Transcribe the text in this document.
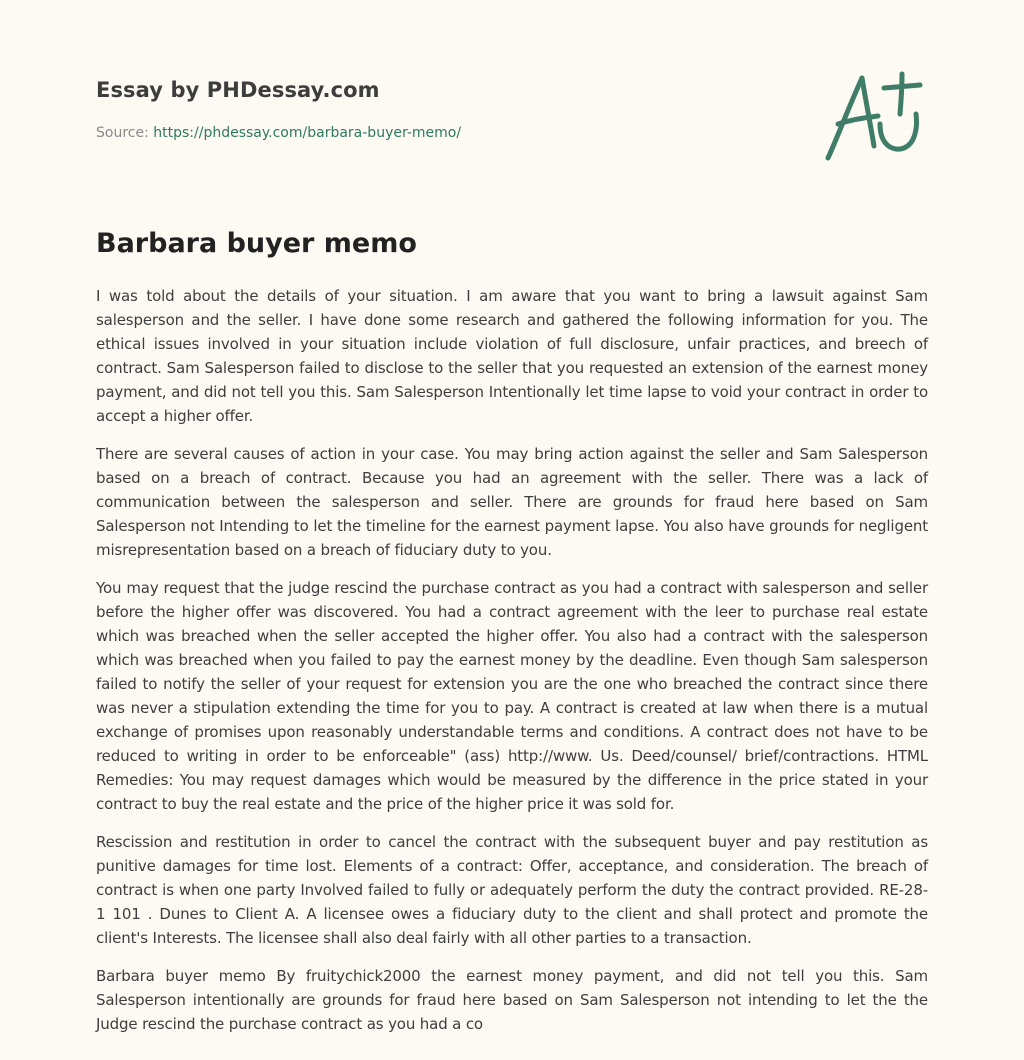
Essay by PHDessay.com
Source: https://phdessay.com/barbara-buyer-memo/
Barbara buyer memo

I was told about the details of your situation. I am aware that you want to bring a lawsuit against Sam salesperson and the seller. I have done some research and gathered the following information for you. The ethical issues involved in your situation include violation of full disclosure, unfair practices, and breech of contract. Sam Salesperson failed to disclose to the seller that you requested an extension of the earnest money payment, and did not tell you this. Sam Salesperson Intentionally let time lapse to void your contract in order to accept a higher offer.

There are several causes of action in your case. You may bring action against the seller and Sam Salesperson based on a breach of contract. Because you had an agreement with the seller. There was a lack of communication between the salesperson and seller. There are grounds for fraud here based on Sam Salesperson not Intending to let the timeline for the earnest payment lapse. You also have grounds for negligent misrepresentation based on a breach of fiduciary duty to you.

You may request that the judge rescind the purchase contract as you had a contract with salesperson and seller before the higher offer was discovered. You had a contract agreement with the leer to purchase real estate which was breached when the seller accepted the higher offer. You also had a contract with the salesperson which was breached when you failed to pay the earnest money by the deadline. Even though Sam salesperson failed to notify the seller of your request for extension you are the one who breached the contract since there was never a stipulation extending the time for you to pay. A contract is created at law when there is a mutual exchange of promises upon reasonably understandable terms and conditions. A contract does not have to be reduced to writing in order to be enforceable" (ass) http://www. Us. Deed/counsel/ brief/contractions. HTML Remedies: You may request damages which would be measured by the difference in the price stated in your contract to buy the real estate and the price of the higher price it was sold for.

Rescission and restitution in order to cancel the contract with the subsequent buyer and pay restitution as punitive damages for time lost. Elements of a contract: Offer, acceptance, and consideration. The breach of contract is when one party Involved failed to fully or adequately perform the duty the contract provided. RE-28-1 101 . Dunes to Client A. A licensee owes a fiduciary duty to the client and shall protect and promote the client's Interests. The licensee shall also deal fairly with all other parties to a transaction.

Barbara buyer memo By fruitychick2000 the earnest money payment, and did not tell you this. Sam Salesperson intentionally are grounds for fraud here based on Sam Salesperson not intending to let the the Judge rescind the purchase contract as you had a co
